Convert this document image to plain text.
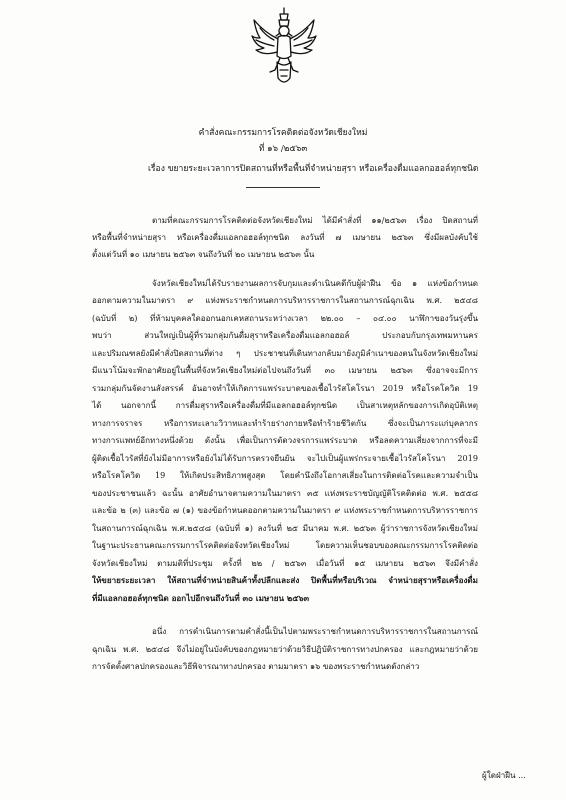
คำสั่งคณะกรรมการโรคติดต่อจังหวัดเชียงใหม่
ที่ ๑๖ /๒๕๖๓
เรื่อง ขยายระยะเวลาการปิดสถานที่หรือพื้นที่จำหน่ายสุรา หรือเครื่องดื่มแอลกอฮอล์ทุกชนิด
ตามที่คณะกรรมการโรคติดต่อจังหวัดเชียงใหม่ ได้มีคำสั่งที่ ๑๑/๒๕๖๓ เรื่อง ปิดสถานที่
หรือพื้นที่จำหน่ายสุรา หรือเครื่องดื่มแอลกอฮอล์ทุกชนิด ลงวันที่ ๗ เมษายน ๒๕๖๓ ซึ่งมีผลบังคับใช้
ตั้งแต่วันที่ ๑๐ เมษายน ๒๕๖๓ จนถึงวันที่ ๒๐ เมษายน ๒๕๖๓ นั้น
จังหวัดเชียงใหม่ได้รับรายงานผลการจับกุมและดำเนินคดีกับผู้ฝ่าฝืน ข้อ ๑ แห่งข้อกำหนด
ออกตามความในมาตรา ๙ แห่งพระราชกำหนดการบริหารราชการในสถานการณ์ฉุกเฉิน พ.ศ. ๒๕๔๘
(ฉบับที่ ๒) ที่ห้ามบุคคลใดออกนอกเคหสถานระหว่างเวลา ๒๒.๐๐ – ๐๔.๐๐ นาฬิกาของวันรุ่งขึ้น
พบว่า ส่วนใหญ่เป็นผู้ที่รวมกลุ่มกันดื่มสุราหรือเครื่องดื่มแอลกอฮอล์ ประกอบกับกรุงเทพมหานคร
และปริมณฑลยังมีคำสั่งปิดสถานที่ต่าง ๆ ประชาชนที่เดินทางกลับมายังภูมิลำเนาของตนในจังหวัดเชียงใหม่
มีแนวโน้มจะพักอาศัยอยู่ในพื้นที่จังหวัดเชียงใหม่ต่อไปจนถึงวันที่ ๓๐ เมษายน ๒๕๖๓ ซึ่งอาจจะมีการ
รวมกลุ่มกันจัดงานสังสรรค์ อันอาจทำให้เกิดการแพร่ระบาดของเชื้อไวรัสโคโรนา 2019 หรือโรคโควิด 19
ได้ นอกจากนี้ การดื่มสุราหรือเครื่องดื่มที่มีแอลกอฮอล์ทุกชนิด เป็นสาเหตุหลักของการเกิดอุบัติเหตุ
ทางการจราจร หรือการทะเลาะวิวาทและทำร้ายร่างกายหรือทำร้ายชีวิตกัน ซึ่งจะเป็นภาระแก่บุคลากร
ทางการแพทย์อีกทางหนึ่งด้วย ดังนั้น เพื่อเป็นการตัดวงจรการแพร่ระบาด หรือลดความเสี่ยงจากการที่จะมี
ผู้ติดเชื้อไวรัสที่ยังไม่มีอาการหรือยังไม่ได้รับการตรวจยืนยัน จะไปเป็นผู้แพร่กระจายเชื้อไวรัสโคโรนา 2019
หรือโรคโควิด 19 ให้เกิดประสิทธิภาพสูงสุด โดยคำนึงถึงโอกาสเสี่ยงในการติดต่อโรคและความจำเป็น
ของประชาชนแล้ว ฉะนั้น อาศัยอำนาจตามความในมาตรา ๓๕ แห่งพระราชบัญญัติโรคติดต่อ พ.ศ. ๒๕๕๘
และข้อ ๒ (๓) และข้อ ๗ (๑) ของข้อกำหนดออกตามความในมาตรา ๙ แห่งพระราชกำหนดการบริหารราชการ
ในสถานการณ์ฉุกเฉิน พ.ศ.๒๕๔๘ (ฉบับที่ ๑) ลงวันที่ ๒๕ มีนาคม พ.ศ. ๒๕๖๓ ผู้ว่าราชการจังหวัดเชียงใหม่
ในฐานะประธานคณะกรรมการโรคติดต่อจังหวัดเชียงใหม่ โดยความเห็นชอบของคณะกรรมการโรคติดต่อ
จังหวัดเชียงใหม่ ตามมติที่ประชุม ครั้งที่ ๒๒ / ๒๕๖๓ เมื่อวันที่ ๑๕ เมษายน ๒๕๖๓ จึงมีคำสั่ง
ให้ขยายระยะเวลา ให้สถานที่จำหน่ายสินค้าทั้งปลีกและส่ง ปิดพื้นที่หรือบริเวณ จำหน่ายสุราหรือเครื่องดื่ม
ที่มีแอลกอฮอล์ทุกชนิด ออกไปอีกจนถึงวันที่ ๓๐ เมษายน ๒๕๖๓
อนึ่ง การดำเนินการตามคำสั่งนี้เป็นไปตามพระราชกำหนดการบริหารราชการในสถานการณ์
ฉุกเฉิน พ.ศ. ๒๕๔๘ จึงไม่อยู่ในบังคับของกฎหมายว่าด้วยวิธีปฏิบัติราชการทางปกครอง และกฎหมายว่าด้วย
การจัดตั้งศาลปกครองและวิธีพิจารณาทางปกครอง ตามมาตรา ๑๖ ของพระราชกำหนดดังกล่าว
ผู้ใดฝ่าฝืน ...
